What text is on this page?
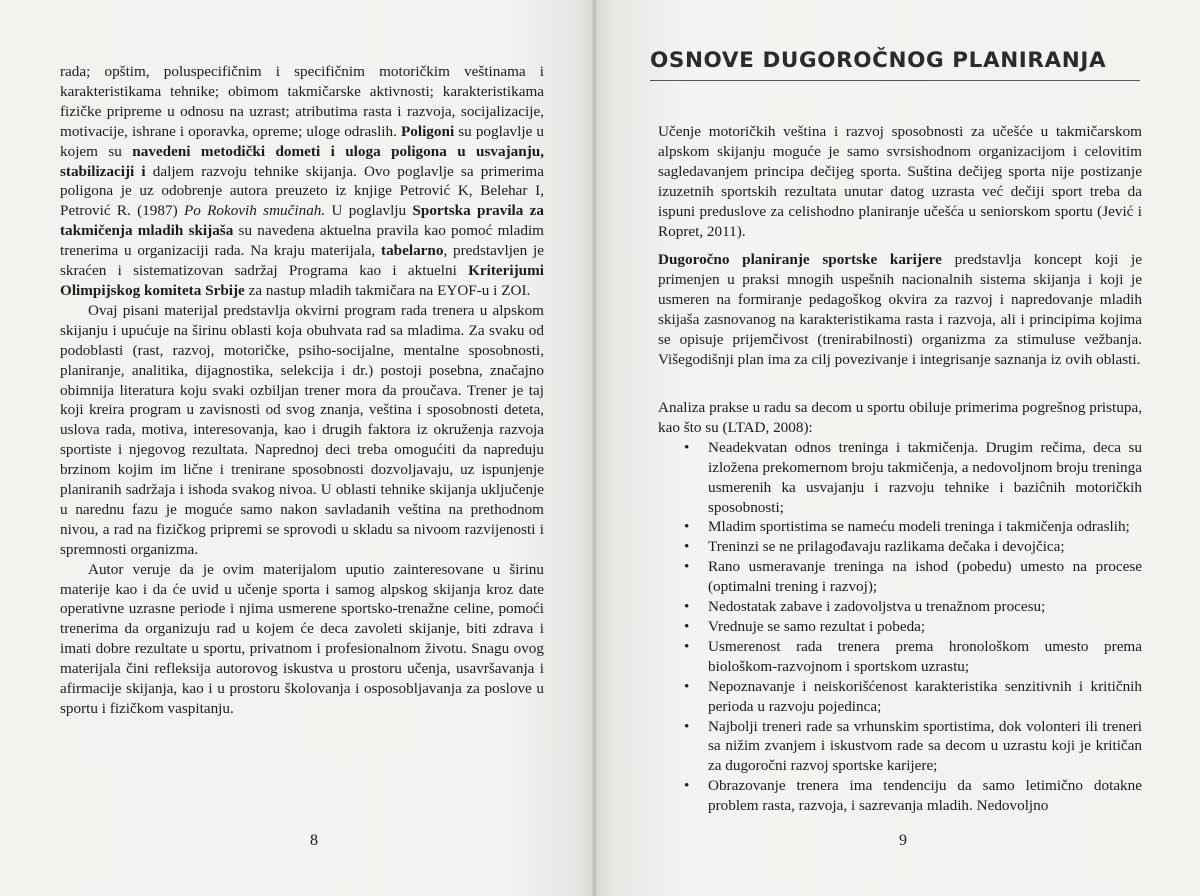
rada; opštim, poluspecifičnim i specifičnim motoričkim veštinama i karakteristikama tehnike; obimom takmičarske aktivnosti; karakteristikama fizičke pripreme u odnosu na uzrast; atributima rasta i razvoja, socijalizacije, motivacije, ishrane i oporavka, opreme; uloge odraslih. Poligoni su poglavlje u kojem su navedeni metodički dometi i uloga poligona u usvajanju, stabilizaciji i daljem razvoju tehnike skijanja. Ovo poglavlje sa primerima poligona je uz odobrenje autora preuzeto iz knjige Petrović K, Belehar I, Petrović R. (1987) Po Rokovih smučinah. U poglavlju Sportska pravila za takmičenja mladih skijaša su navedena aktuelna pravila kao pomoć mladim trenerima u organizaciji rada. Na kraju materijala, tabelarno, predstavljen je skraćen i sistematizovan sadržaj Programa kao i aktuelni Kriterijumi Olimpijskog komiteta Srbije za nastup mladih takmičara na EYOF-u i ZOI.

Ovaj pisani materijal predstavlja okvirni program rada trenera u alpskom skijanju i upućuje na širinu oblasti koja obuhvata rad sa mladima. Za svaku od podoblasti (rast, razvoj, motoričke, psiho-socijalne, mentalne sposobnosti, planiranje, analitika, dijagnostika, selekcija i dr.) postoji posebna, značajno obimnija literatura koju svaki ozbiljan trener mora da proučava. Trener je taj koji kreira program u zavisnosti od svog znanja, veština i sposobnosti deteta, uslova rada, motiva, interesovanja, kao i drugih faktora iz okruženja razvoja sportiste i njegovog rezultata. Naprednoj deci treba omogućiti da napreduju brzinom kojim im lične i trenirane sposobnosti dozvoljavaju, uz ispunjenje planiranih sadržaja i ishoda svakog nivoa. U oblasti tehnike skijanja uključenje u narednu fazu je moguće samo nakon savladanih veština na prethodnom nivou, a rad na fizičkog pripremi se sprovodi u skladu sa nivoom razvijenosti i spremnosti organizma.

Autor veruje da je ovim materijalom uputio zainteresovane u širinu materije kao i da će uvid u učenje sporta i samog alpskog skijanja kroz date operativne uzrasne periode i njima usmerene sportsko-trenažne celine, pomoći trenerima da organizuju rad u kojem će deca zavoleti skijanje, biti zdrava i imati dobre rezultate u sportu, privatnom i profesionalnom životu. Snagu ovog materijala čini refleksija autorovog iskustva u prostoru učenja, usavršavanja i afirmacije skijanja, kao i u prostoru školovanja i osposobljavanja za poslove u sportu i fizičkom vaspitanju.

8
OSNOVE DUGOROČNOG PLANIRANJA

Učenje motoričkih veština i razvoj sposobnosti za učešće u takmičarskom alpskom skijanju moguće je samo svrsishodnom organizacijom i celovitim sagledavanjem principa dečijeg sporta. Suština dečijeg sporta nije postizanje izuzetnih sportskih rezultata unutar datog uzrasta već dečiji sport treba da ispuni preduslove za celishodno planiranje učešća u seniorskom sportu (Jević i Ropret, 2011).

Dugoročno planiranje sportske karijere predstavlja koncept koji je primenjen u praksi mnogih uspešnih nacionalnih sistema skijanja i koji je usmeren na formiranje pedagoškog okvira za razvoj i napredovanje mladih skijaša zasnovanog na karakteristikama rasta i razvoja, ali i principima kojima se opisuje prijemčivost (trenirabilnosti) organizma za stimuluse vežbanja. Višegodišnji plan ima za cilj povezivanje i integrisanje saznanja iz ovih oblasti.

Analiza prakse u radu sa decom u sportu obiluje primerima pogrešnog pristupa, kao što su (LTAD, 2008):

• Neadekvatan odnos treninga i takmičenja. Drugim rečima, deca su izložena prekomernom broju takmičenja, a nedovoljnom broju treninga usmerenih ka usvajanju i razvoju tehnike i baziĉnih motoričkih sposobnosti;
• Mladim sportistima se nameću modeli treninga i takmičenja odraslih;
• Treninzi se ne prilagođavaju razlikama dečaka i devojčica;
• Rano usmeravanje treninga na ishod (pobedu) umesto na procese (optimalni trening i razvoj);
• Nedostatak zabave i zadovoljstva u trenažnom procesu;
• Vrednuje se samo rezultat i pobeda;
• Usmerenost rada trenera prema hronološkom umesto prema biološkom-razvojnom i sportskom uzrastu;
• Nepoznavanje i neiskorišćenost karakteristika senzitivnih i kritičnih perioda u razvoju pojedinca;
• Najbolji treneri rade sa vrhunskim sportistima, dok volonteri ili treneri sa nižim zvanjem i iskustvom rade sa decom u uzrastu koji je kritičan za dugoročni razvoj sportske karijere;
• Obrazovanje trenera ima tendenciju da samo letimično dotakne problem rasta, razvoja, i sazrevanja mladih. Nedovoljno
9
